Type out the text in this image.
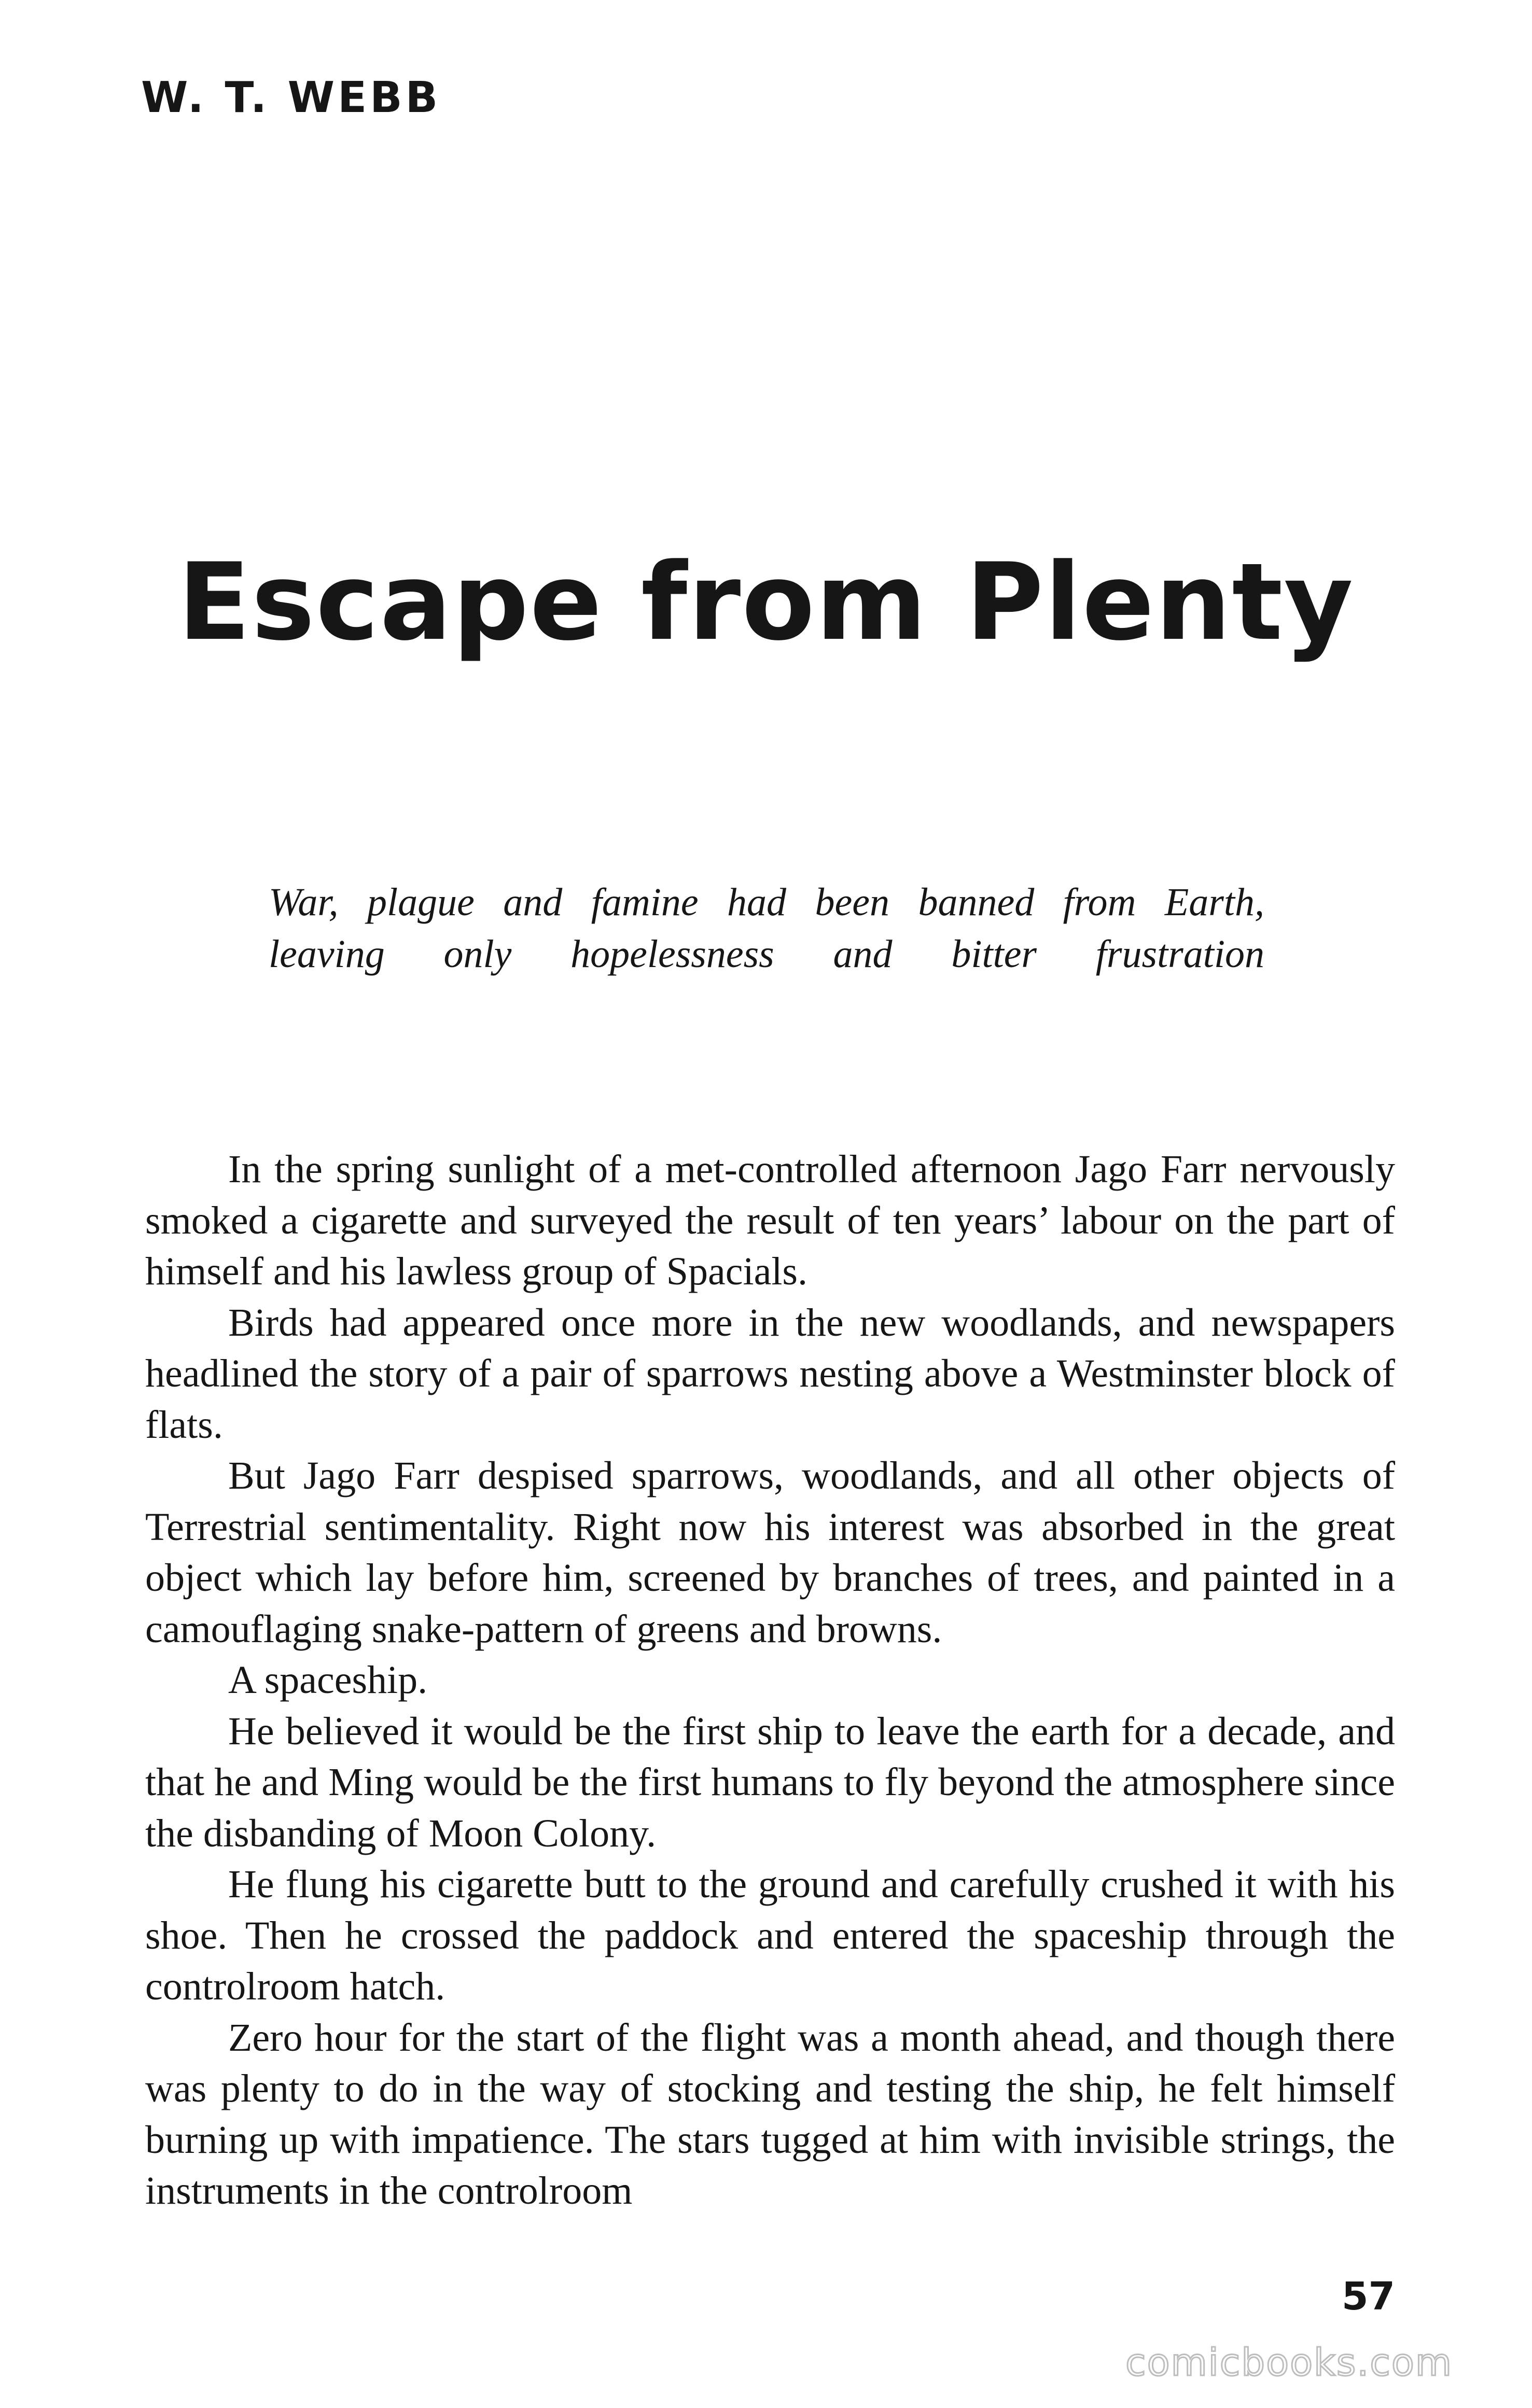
W. T. WEBB
Escape from Plenty
War, plague and famine had been banned from Earth,
leaving only hopelessness and bitter frustration

In the spring sunlight of a met-controlled afternoon Jago Farr nervously smoked a cigarette and surveyed the result of ten years’ labour on the part of himself and his lawless group of Spacials.

Birds had appeared once more in the new woodlands, and newspapers headlined the story of a pair of sparrows nesting above a Westminster block of flats.

But Jago Farr despised sparrows, woodlands, and all other objects of Terrestrial sentimentality. Right now his interest was absorbed in the great object which lay before him, screened by branches of trees, and painted in a camouflaging snake-pattern of greens and browns.

A spaceship.

He believed it would be the first ship to leave the earth for a decade, and that he and Ming would be the first humans to fly beyond the atmosphere since the disbanding of Moon Colony.

He flung his cigarette butt to the ground and carefully crushed it with his shoe. Then he crossed the paddock and entered the spaceship through the controlroom hatch.

Zero hour for the start of the flight was a month ahead, and though there was plenty to do in the way of stocking and testing the ship, he felt himself burning up with impatience. The stars tugged at him with invisible strings, the instruments in the controlroom

57
comicbooks.com
